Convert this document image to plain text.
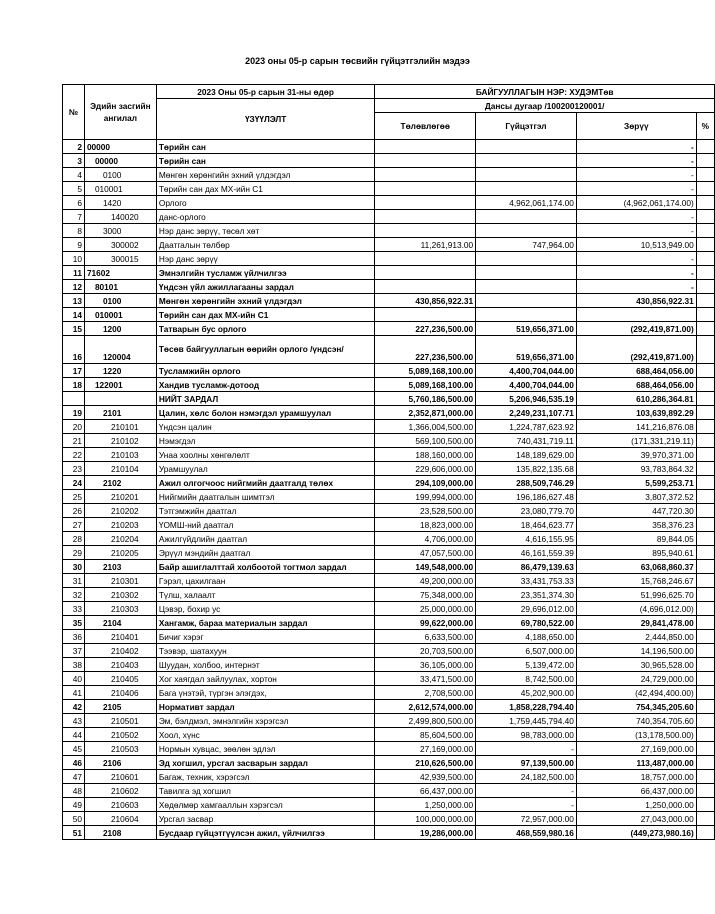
2023 оны 05-р сарын төсвийн гүйцэтгэлийн мэдээ
№	Эдийн засгийн ангилал	2023 Оны 05-р сарын 31-ны өдөр	БАЙГУУЛЛАГЫН НЭР: ХУДЭМТөв			
		ҮЗҮҮЛЭЛТ	Дансы дугаар /100200120001/			
			Төлөвлөгөө	Гүйцэтгэл	Зөрүү	%

2	00000	Төрийн сан			-	
3	00000	Төрийн сан			-	
4	0100	Мөнгөн хөрөнгийн эхний үлдэгдэл			-	
5	010001	Төрийн сан дах МХ-ийн С1			-	
6	1420	Орлого		4,962,061,174.00	(4,962,061,174.00)	
7	140020	данс-орлого			-	
8	3000	Нэр данс зөрүү, төсөл хөт			-	
9	300002	Даатгалын төлбөр	11,261,913.00	747,964.00	10,513,949.00	
10	300015	Нэр данс зөрүү			-	
11	71602	Эмнэлгийн тусламж үйлчилгээ			-	
12	80101	Үндсэн үйл ажиллагааны зардал			-	
13	0100	Мөнгөн хөрөнгийн эхний үлдэгдэл	430,856,922.31		430,856,922.31	
14	010001	Төрийн сан дах МХ-ийн С1				
15	1200	Татварын бус орлого	227,236,500.00	519,656,371.00	(292,419,871.00)	
16	120004	Төсөв байгууллагын өөрийн орлого /үндсэн/	227,236,500.00	519,656,371.00	(292,419,871.00)	
17	1220	Тусламжийн орлого	5,089,168,100.00	4,400,704,044.00	688,464,056.00	
18	122001	Хандив тусламж-дотоод	5,089,168,100.00	4,400,704,044.00	688,464,056.00	
		НИЙТ ЗАРДАЛ	5,760,186,500.00	5,206,946,535.19	610,286,364.81	
19	2101	Цалин, хөлс болон нэмэгдэл урамшуулал	2,352,871,000.00	2,249,231,107.71	103,639,892.29	
20	210101	Үндсэн цалин	1,366,004,500.00	1,224,787,623.92	141,216,876.08	
21	210102	Нэмэгдэл	569,100,500.00	740,431,719.11	(171,331,219.11)	
22	210103	Унаа хоолны хөнгөлөлт	188,160,000.00	148,189,629.00	39,970,371.00	
23	210104	Урамшуулал	229,606,000.00	135,822,135.68	93,783,864.32	
24	2102	Ажил олгогчоос нийгмийн даатгалд төлөх	294,109,000.00	288,509,746.29	5,599,253.71	
25	210201	Нийгмийн даатгалын шимтгэл	199,994,000.00	196,186,627.48	3,807,372.52	
26	210202	Тэтгэмжийн даатгал	23,528,500.00	23,080,779.70	447,720.30	
27	210203	ҮОМШ-ний даатгал	18,823,000.00	18,464,623.77	358,376.23	
28	210204	Ажилгүйдлийн даатгал	4,706,000.00	4,616,155.95	89,844.05	
29	210205	Эрүүл мэндийн даатгал	47,057,500.00	46,161,559.39	895,940.61	
30	2103	Байр ашиглалттай холбоотой тогтмол зардал	149,548,000.00	86,479,139.63	63,068,860.37	
31	210301	Гэрэл, цахилгаан	49,200,000.00	33,431,753.33	15,768,246.67	
32	210302	Түлш, халаалт	75,348,000.00	23,351,374.30	51,996,625.70	
33	210303	Цэвэр, бохир ус	25,000,000.00	29,696,012.00	(4,696,012.00)	
35	2104	Хангамж, бараа материалын зардал	99,622,000.00	69,780,522.00	29,841,478.00	
36	210401	Бичиг хэрэг	6,633,500.00	4,188,650.00	2,444,850.00	
37	210402	Тээвэр, шатахуун	20,703,500.00	6,507,000.00	14,196,500.00	
38	210403	Шуудан, холбоо, интернэт	36,105,000.00	5,139,472.00	30,965,528.00	
40	210405	Хог хаягдал зайлуулах, хортон	33,471,500.00	8,742,500.00	24,729,000.00	
41	210406	Бага үнэтэй, түргэн элэгдэх,	2,708,500.00	45,202,900.00	(42,494,400.00)	
42	2105	Нормативт зардал	2,612,574,000.00	1,858,228,794.40	754,345,205.60	
43	210501	Эм, бэлдмэл, эмнэлгийн хэрэгсэл	2,499,800,500.00	1,759,445,794.40	740,354,705.60	
44	210502	Хоол, хүнс	85,604,500.00	98,783,000.00	(13,178,500.00)	
45	210503	Нормын хувцас, зөөлөн эдлэл	27,169,000.00	-	27,169,000.00	
46	2106	Эд хогшил, урсгал засварын зардал	210,626,500.00	97,139,500.00	113,487,000.00	
47	210601	Багаж, техник, хэрэгсэл	42,939,500.00	24,182,500.00	18,757,000.00	
48	210602	Тавилга эд хогшил	66,437,000.00	-	66,437,000.00	
49	210603	Хөдөлмөр хамгааллын хэрэгсэл	1,250,000.00	-	1,250,000.00	
50	210604	Урсгал засвар	100,000,000.00	72,957,000.00	27,043,000.00	
51	2108	Бусдаар гүйцэтгүүлсэн ажил, үйлчилгээ	19,286,000.00	468,559,980.16	(449,273,980.16)	
